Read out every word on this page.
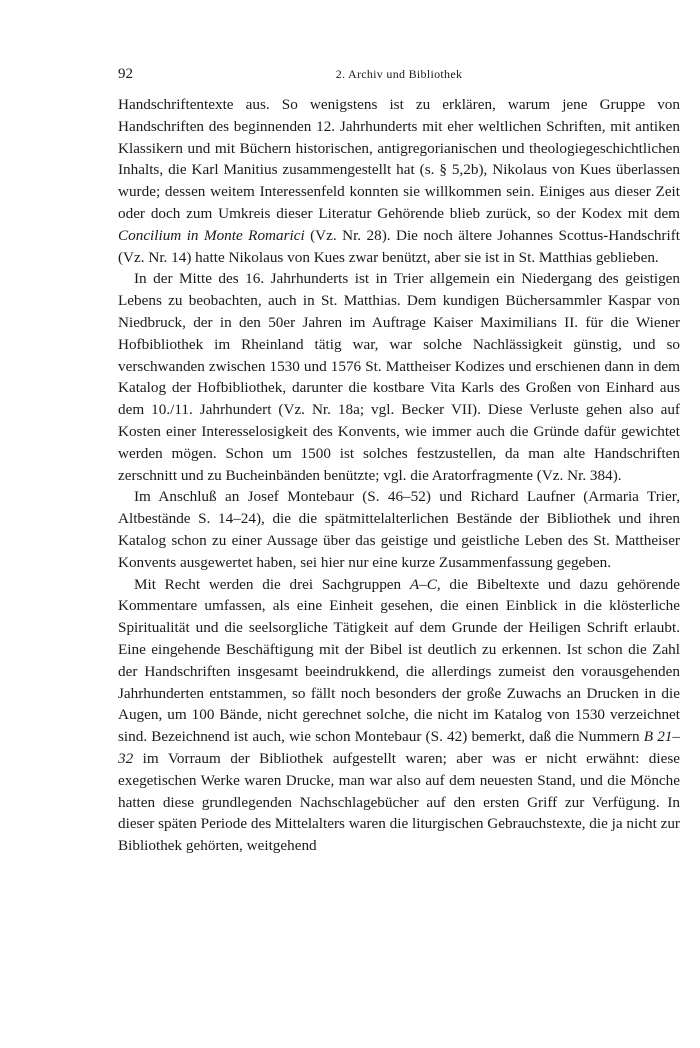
92	2. Archiv und Bibliothek

Handschriftentexte aus. So wenigstens ist zu erklären, warum jene Gruppe von Handschriften des beginnenden 12. Jahrhunderts mit eher weltlichen Schriften, mit antiken Klassikern und mit Büchern historischen, antigregorianischen und theologiegeschichtlichen Inhalts, die Karl Manitius zusammengestellt hat (s. § 5,2b), Nikolaus von Kues überlassen wurde; dessen weitem Interessenfeld konnten sie willkommen sein. Einiges aus dieser Zeit oder doch zum Umkreis dieser Literatur Gehörende blieb zurück, so der Kodex mit dem Concilium in Monte Romarici (Vz. Nr. 28). Die noch ältere Johannes Scottus-Handschrift (Vz. Nr. 14) hatte Nikolaus von Kues zwar benützt, aber sie ist in St. Matthias geblieben.

In der Mitte des 16. Jahrhunderts ist in Trier allgemein ein Niedergang des geistigen Lebens zu beobachten, auch in St. Matthias. Dem kundigen Büchersammler Kaspar von Niedbruck, der in den 50er Jahren im Auftrage Kaiser Maximilians II. für die Wiener Hofbibliothek im Rheinland tätig war, war solche Nachlässigkeit günstig, und so verschwanden zwischen 1530 und 1576 St. Mattheiser Kodizes und erschienen dann in dem Katalog der Hofbibliothek, darunter die kostbare Vita Karls des Großen von Einhard aus dem 10./11. Jahrhundert (Vz. Nr. 18a; vgl. Becker VII). Diese Verluste gehen also auf Kosten einer Interesselosigkeit des Konvents, wie immer auch die Gründe dafür gewichtet werden mögen. Schon um 1500 ist solches festzustellen, da man alte Handschriften zerschnitt und zu Bucheinbänden benützte; vgl. die Aratorfragmente (Vz. Nr. 384).

Im Anschluß an Josef Montebaur (S. 46–52) und Richard Laufner (Armaria Trier, Altbestände S. 14–24), die die spätmittelalterlichen Bestände der Bibliothek und ihren Katalog schon zu einer Aussage über das geistige und geistliche Leben des St. Mattheiser Konvents ausgewertet haben, sei hier nur eine kurze Zusammenfassung gegeben.

Mit Recht werden die drei Sachgruppen A–C, die Bibeltexte und dazu gehörende Kommentare umfassen, als eine Einheit gesehen, die einen Einblick in die klösterliche Spiritualität und die seelsorgliche Tätigkeit auf dem Grunde der Heiligen Schrift erlaubt. Eine eingehende Beschäftigung mit der Bibel ist deutlich zu erkennen. Ist schon die Zahl der Handschriften insgesamt beeindrukkend, die allerdings zumeist den vorausgehenden Jahrhunderten entstammen, so fällt noch besonders der große Zuwachs an Drucken in die Augen, um 100 Bände, nicht gerechnet solche, die nicht im Katalog von 1530 verzeichnet sind. Bezeichnend ist auch, wie schon Montebaur (S. 42) bemerkt, daß die Nummern B 21–32 im Vorraum der Bibliothek aufgestellt waren; aber was er nicht erwähnt: diese exegetischen Werke waren Drucke, man war also auf dem neuesten Stand, und die Mönche hatten diese grundlegenden Nachschlagebücher auf den ersten Griff zur Verfügung. In dieser späten Periode des Mittelalters waren die liturgischen Gebrauchstexte, die ja nicht zur Bibliothek gehörten, weitgehend
